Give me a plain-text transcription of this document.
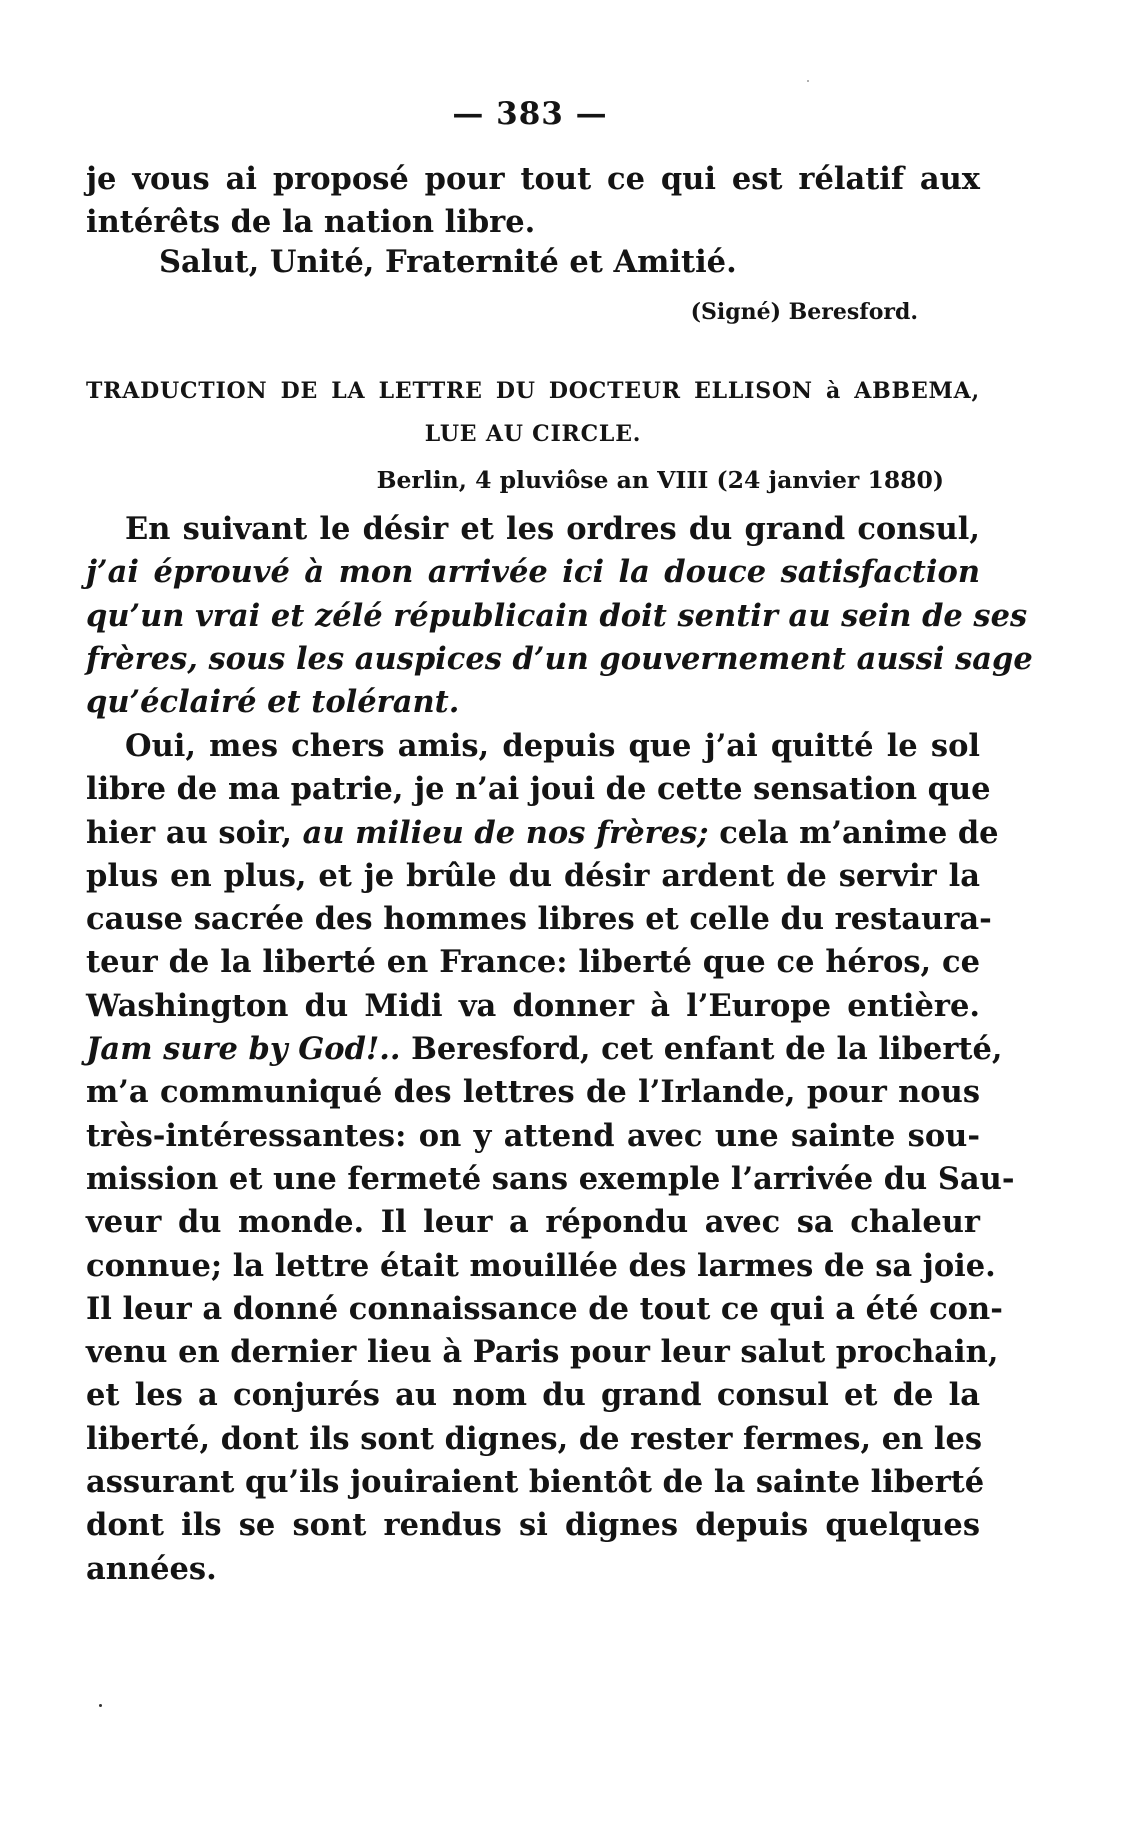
— 383 —
je vous ai proposé pour tout ce qui est rélatif aux
intérêts de la nation libre.
Salut, Unité, Fraternité et Amitié.
(Signé) Beresford.
TRADUCTION DE LA LETTRE DU DOCTEUR ELLISON à ABBEMA,
LUE AU CIRCLE.
Berlin, 4 pluviôse an VIII (24 janvier 1880)
En suivant le désir et les ordres du grand consul,
j’ai éprouvé à mon arrivée ici la douce satisfaction
qu’un vrai et zélé républicain doit sentir au sein de ses
frères, sous les auspices d’un gouvernement aussi sage
qu’éclairé et tolérant.
Oui, mes chers amis, depuis que j’ai quitté le sol
libre de ma patrie, je n’ai joui de cette sensation que
hier au soir, au milieu de nos frères; cela m’anime de
plus en plus, et je brûle du désir ardent de servir la
cause sacrée des hommes libres et celle du restaura-
teur de la liberté en France: liberté que ce héros, ce
Washington du Midi va donner à l’Europe entière.
Jam sure by God!.. Beresford, cet enfant de la liberté,
m’a communiqué des lettres de l’Irlande, pour nous
très-intéressantes: on y attend avec une sainte sou-
mission et une fermeté sans exemple l’arrivée du Sau-
veur du monde. Il leur a répondu avec sa chaleur
connue; la lettre était mouillée des larmes de sa joie.
Il leur a donné connaissance de tout ce qui a été con-
venu en dernier lieu à Paris pour leur salut prochain,
et les a conjurés au nom du grand consul et de la
liberté, dont ils sont dignes, de rester fermes, en les
assurant qu’ils jouiraient bientôt de la sainte liberté
dont ils se sont rendus si dignes depuis quelques
années.
